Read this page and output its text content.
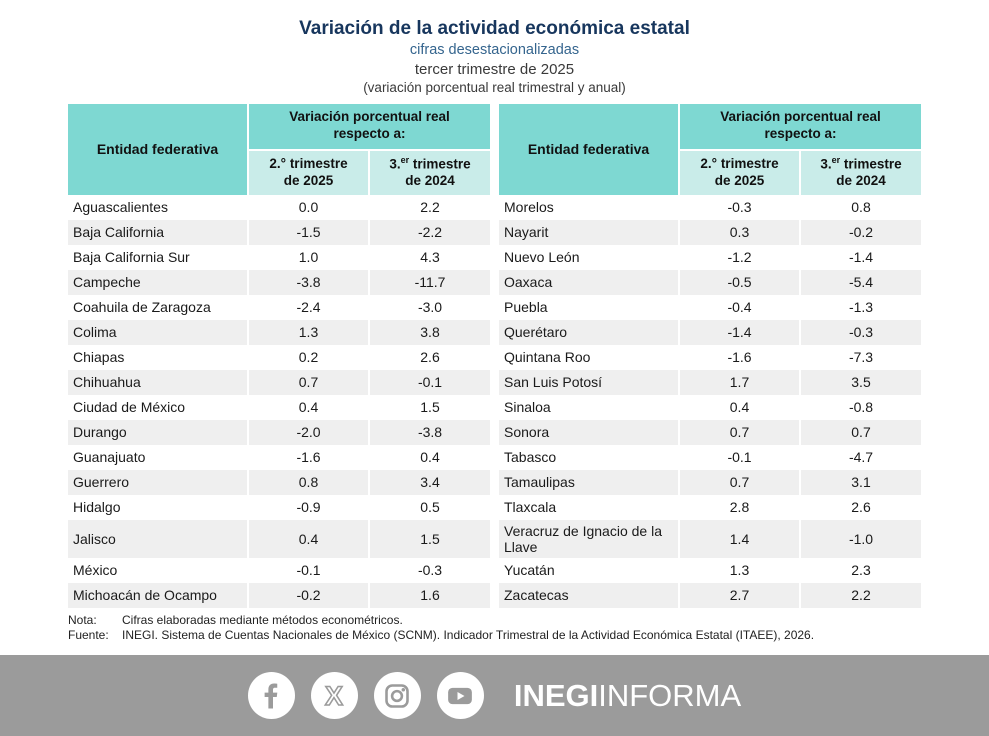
Variación de la actividad económica estatal
cifras desestacionalizadas
tercer trimestre de 2025
(variación porcentual real trimestral y anual)
Entidad federativa	Variación porcentual real respecto a:	

2.° trimestre
de 2025

3.$^{er}$ trimestre
de 2024

Aguascalientes	0.0	2.2
Baja California	-1.5	-2.2
Baja California Sur	1.0	4.3
Campeche	-3.8	-11.7
Coahuila de Zaragoza	-2.4	-3.0
Colima	1.3	3.8
Chiapas	0.2	2.6
Chihuahua	0.7	-0.1
Ciudad de México	0.4	1.5
Durango	-2.0	-3.8
Guanajuato	-1.6	0.4
Guerrero	0.8	3.4
Hidalgo	-0.9	0.5
Jalisco	0.4	1.5
México	-0.1	-0.3
Michoacán de Ocampo	-0.2	1.6
Entidad federativa	Variación porcentual real respecto a:	

2.° trimestre
de 2025

3.$^{er}$ trimestre
de 2024

Morelos	-0.3	0.8
Nayarit	0.3	-0.2
Nuevo León	-1.2	-1.4
Oaxaca	-0.5	-5.4
Puebla	-0.4	-1.3
Querétaro	-1.4	-0.3
Quintana Roo	-1.6	-7.3
San Luis Potosí	1.7	3.5
Sinaloa	0.4	-0.8
Sonora	0.7	0.7
Tabasco	-0.1	-4.7
Tamaulipas	0.7	3.1
Tlaxcala	2.8	2.6
Veracruz de Ignacio de la Llave	1.4	-1.0
Yucatán	1.3	2.3
Zacatecas	2.7	2.2
Nota:	Cifras elaboradas mediante métodos econométricos.
Fuente:	INEGI. Sistema de Cuentas Nacionales de México (SCNM). Indicador Trimestral de la Actividad Económica Estatal (ITAEE), 2026.
X	INEGIINFORMA
